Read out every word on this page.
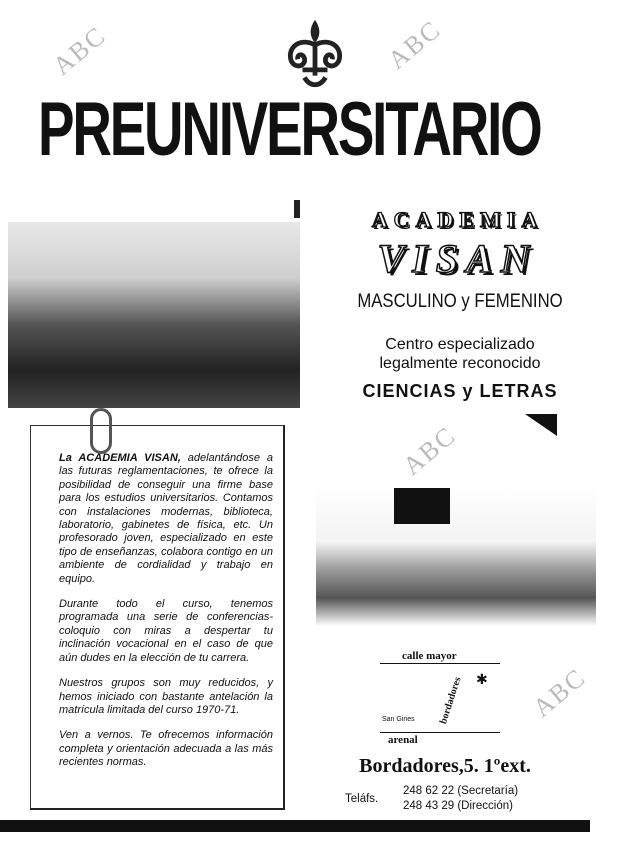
ABC	ABC
ABC
ABC
PREUNIVERSITARIO
ACADEMIA
VISAN
MASCULINO y FEMENINO
Centro especializado
legalmente reconocido
CIENCIAS y LETRAS

La ACADEMIA VISAN, adelantándose a las futuras reglamentaciones, te ofrece la posibilidad de conseguir una firme base para los estudios universitarios. Contamos con instalaciones modernas, biblioteca, laboratorio, gabinetes de física, etc. Un profesorado joven, especializado en este tipo de enseñanzas, colabora contigo en un ambiente de cordialidad y trabajo en equipo.

Durante todo el curso, tenemos programada una serie de conferencias-coloquio con miras a despertar tu inclinación vocacional en el caso de que aún dudes en la elección de tu carrera.

Nuestros grupos son muy reducidos, y hemos iniciado con bastante antelación la matrícula limitada del curso 1970-71.

Ven a vernos. Te ofrecemos información completa y orientación adecuada a las más recientes normas.

calle mayor
arenal
bordadores
San Gines
✱
Bordadores,5. 1ºext.
Teláfs.
248 62 22 (Secretaría)
248 43 29 (Dirección)
